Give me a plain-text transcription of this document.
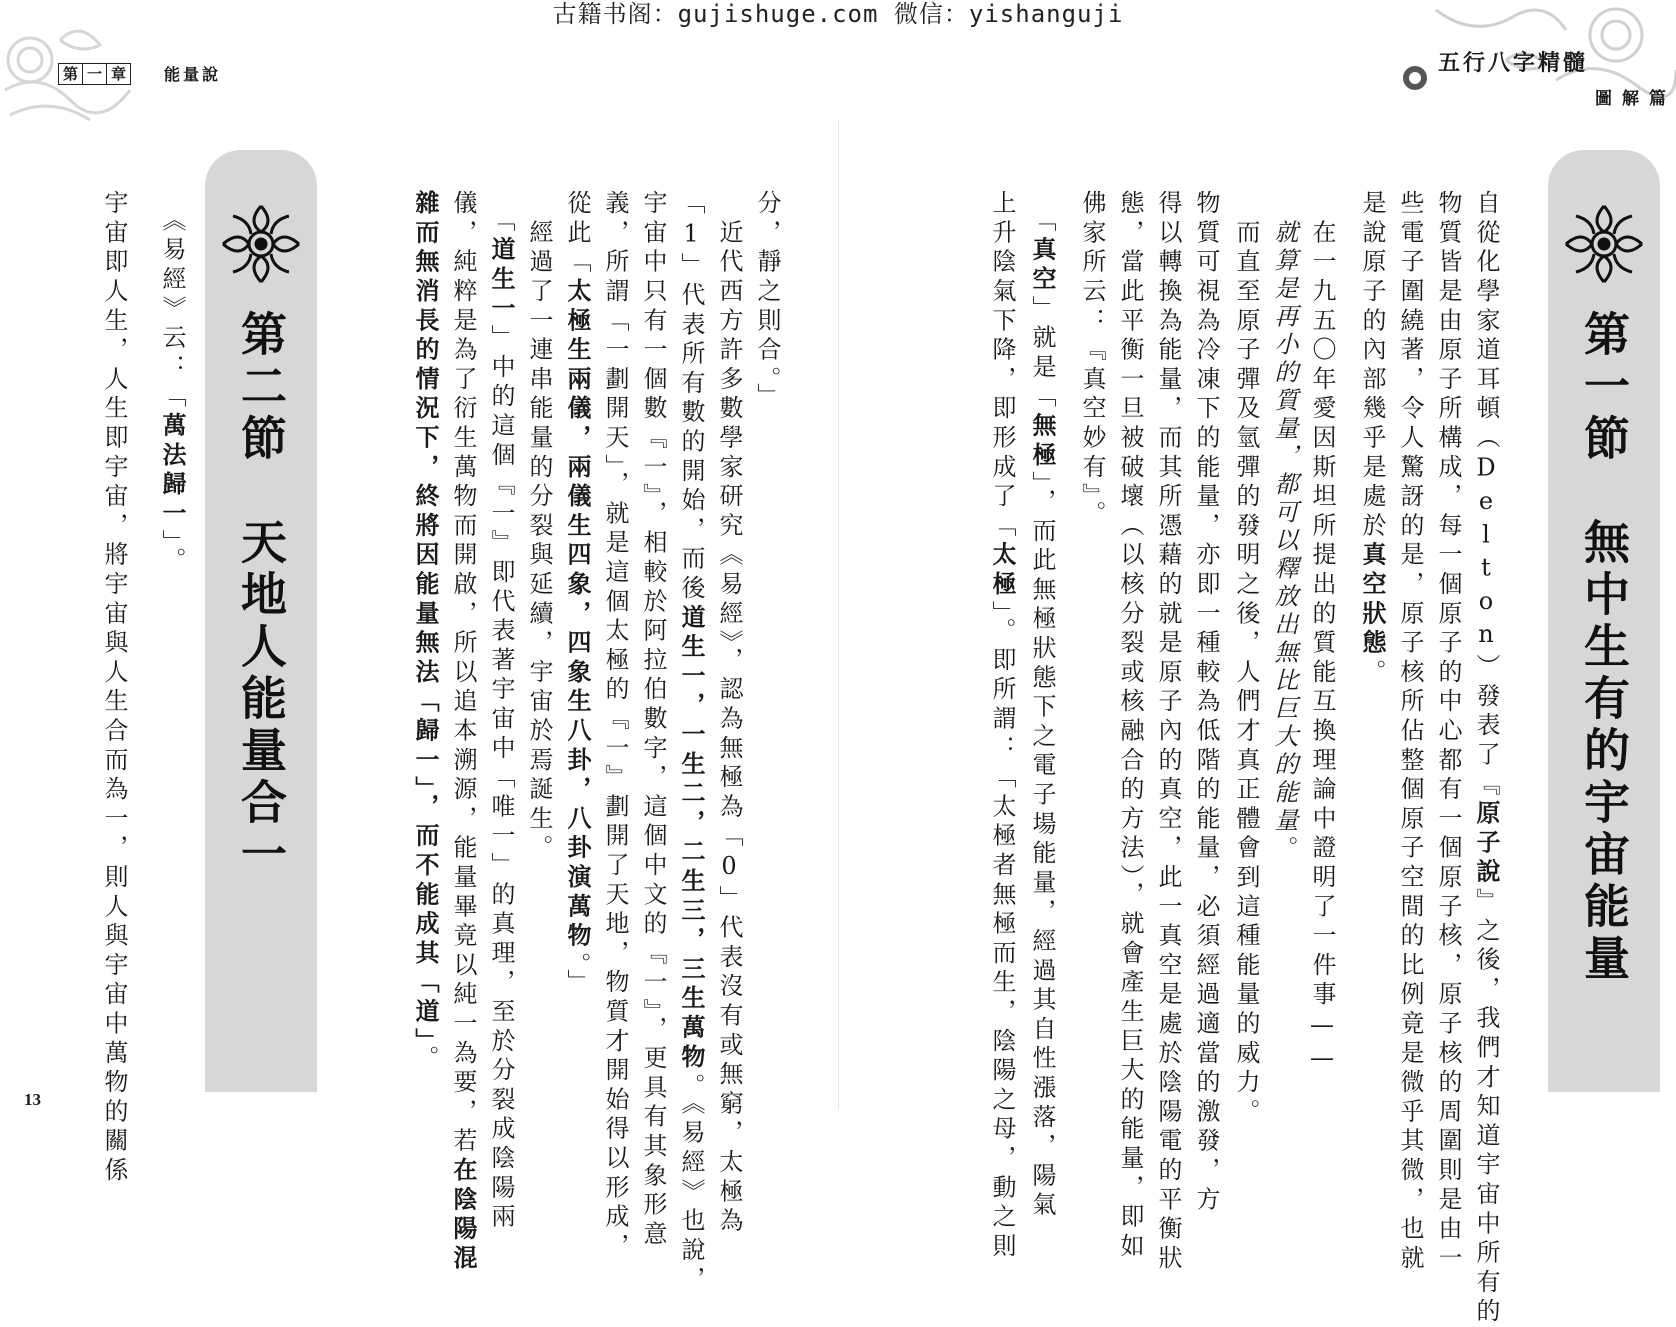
古籍书阁：gujishuge.com 微信：yishanguji
第 一 章	能量說	五行八字精髓
圖解篇
第一節　無中生有的宇宙能量
第二節　天地人能量合一	自從化學家道耳頓（Delton）發表了『原子說』之後，我們才知道宇宙中所有的
物質皆是由原子所構成，每一個原子的中心都有一個原子核，原子核的周圍則是由一
些電子圍繞著，令人驚訝的是，原子核所佔整個原子空間的比例竟是微乎其微，也就
是說原子的內部幾乎是處於真空狀態。
　在一九五〇年愛因斯坦所提出的質能互換理論中證明了一件事——
　就算是再小的質量，都可以釋放出無比巨大的能量。
　而直至原子彈及氫彈的發明之後，人們才真正體會到這種能量的威力。
物質可視為冷凍下的能量，亦即一種較為低階的能量，必須經過適當的激發，方
得以轉換為能量，而其所憑藉的就是原子內的真空，此一真空是處於陰陽電的平衡狀
態，當此平衡一旦被破壞（以核分裂或核融合的方法），就會產生巨大的能量，即如
佛家所云：『真空妙有』。
　「真空」就是「無極」，而此無極狀態下之電子場能量，經過其自性漲落，陽氣
上升陰氣下降，即形成了「太極」。即所謂：「太極者無極而生，陰陽之母，動之則
分，靜之則合。」
　近代西方許多數學家研究《易經》，認為無極為「0」代表沒有或無窮，太極為
「1」代表所有數的開始，而後道生一，一生二，二生三，三生萬物。《易經》也說，
宇宙中只有一個數『一』，相較於阿拉伯數字，這個中文的『一』，更具有其象形意
義，所謂「一劃開天」，就是這個太極的『一』劃開了天地，物質才開始得以形成，
從此「太極生兩儀，兩儀生四象，四象生八卦，八卦演萬物。」
　經過了一連串能量的分裂與延續，宇宙於焉誕生。
　「道生一」中的這個『一』即代表著宇宙中「唯一」的真理，至於分裂成陰陽兩
儀，純粹是為了衍生萬物而開啟，所以追本溯源，能量畢竟以純一為要，若在陰陽混
雜而無消長的情況下，終將因能量無法「歸一」，而不能成其「道」。
　《易經》云：「萬法歸一」。
宇宙即人生，人生即宇宙，將宇宙與人生合而為一，則人與宇宙中萬物的關係
13
